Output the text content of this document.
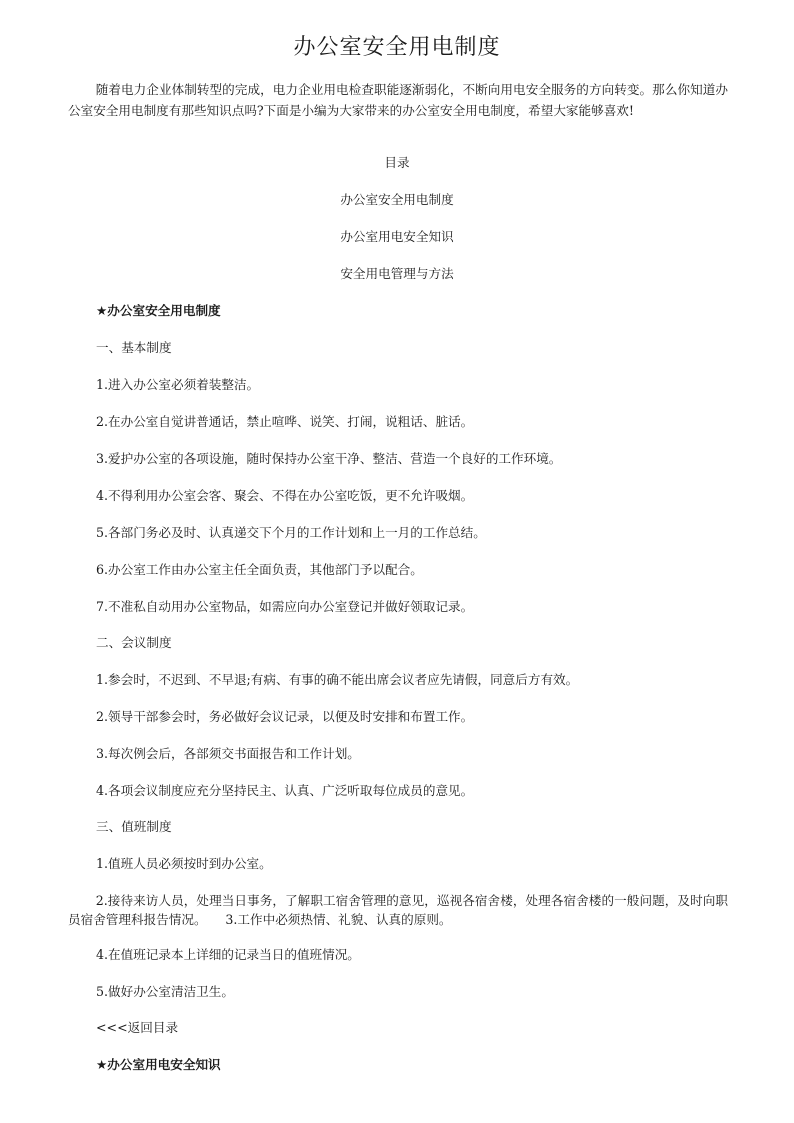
办公室安全用电制度
随着电力企业体制转型的完成，电力企业用电检查职能逐渐弱化，不断向用电安全服务的方向转变。那么你知道办公室安全用电制度有那些知识点吗?下面是小编为大家带来的办公室安全用电制度，希望大家能够喜欢!
目录
办公室安全用电制度
办公室用电安全知识
安全用电管理与方法
★办公室安全用电制度
一、基本制度
1.进入办公室必须着装整洁。
2.在办公室自觉讲普通话，禁止喧哗、说笑、打闹，说粗话、脏话。
3.爱护办公室的各项设施，随时保持办公室干净、整洁、营造一个良好的工作环境。
4.不得利用办公室会客、聚会、不得在办公室吃饭，更不允许吸烟。
5.各部门务必及时、认真递交下个月的工作计划和上一月的工作总结。
6.办公室工作由办公室主任全面负责，其他部门予以配合。
7.不准私自动用办公室物品，如需应向办公室登记并做好领取记录。
二、会议制度
1.参会时，不迟到、不早退;有病、有事的确不能出席会议者应先请假，同意后方有效。
2.领导干部参会时，务必做好会议记录，以便及时安排和布置工作。
3.每次例会后，各部须交书面报告和工作计划。
4.各项会议制度应充分坚持民主、认真、广泛听取每位成员的意见。
三、值班制度
1.值班人员必须按时到办公室。
2.接待来访人员，处理当日事务，了解职工宿舍管理的意见，巡视各宿舍楼，处理各宿舍楼的一般问题，及时向职员宿舍管理科报告情况。　　3.工作中必须热情、礼貌、认真的原则。
4.在值班记录本上详细的记录当日的值班情况。
5.做好办公室清洁卫生。
<<<返回目录
★办公室用电安全知识
